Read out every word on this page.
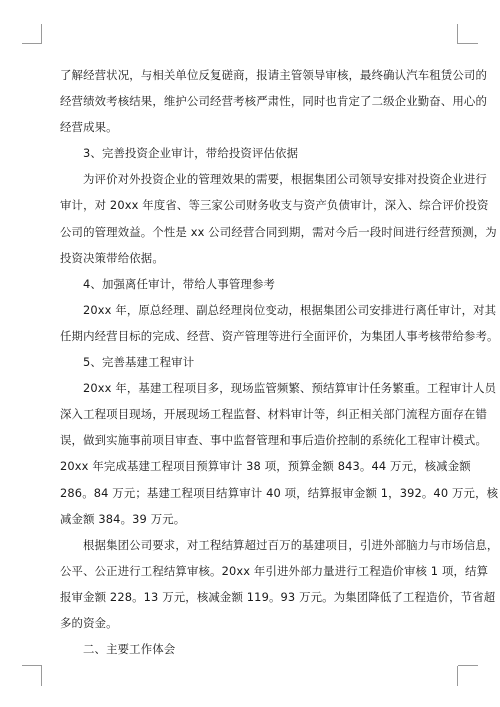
了解经营状况，与相关单位反复磋商，报请主管领导审核，最终确认汽车租赁公司的
经营绩效考核结果，维护公司经营考核严肃性，同时也肯定了二级企业勤奋、用心的
经营成果。
3、完善投资企业审计，带给投资评估依据
为评价对外投资企业的管理效果的需要，根据集团公司领导安排对投资企业进行
审计，对 20xx 年度省、等三家公司财务收支与资产负债审计，深入、综合评价投资
公司的管理效益。个性是 xx 公司经营合同到期，需对今后一段时间进行经营预测，为
投资决策带给依据。
4、加强离任审计，带给人事管理参考
20xx 年，原总经理、副总经理岗位变动，根据集团公司安排进行离任审计，对其
任期内经营目标的完成、经营、资产管理等进行全面评价，为集团人事考核带给参考。
5、完善基建工程审计
20xx 年，基建工程项目多，现场监管频繁、预结算审计任务繁重。工程审计人员
深入工程项目现场，开展现场工程监督、材料审计等，纠正相关部门流程方面存在错
误，做到实施事前项目审查、事中监督管理和事后造价控制的系统化工程审计模式。
20xx 年完成基建工程项目预算审计 38 项，预算金额 843。44 万元，核减金额
286。84 万元；基建工程项目结算审计 40 项，结算报审金额 1，392。40 万元，核
减金额 384。39 万元。
根据集团公司要求，对工程结算超过百万的基建项目，引进外部脑力与市场信息，
公平、公正进行工程结算审核。20xx 年引进外部力量进行工程造价审核 1 项，结算
报审金额 228。13 万元，核减金额 119。93 万元。为集团降低了工程造价，节省超
多的资金。
二、主要工作体会
